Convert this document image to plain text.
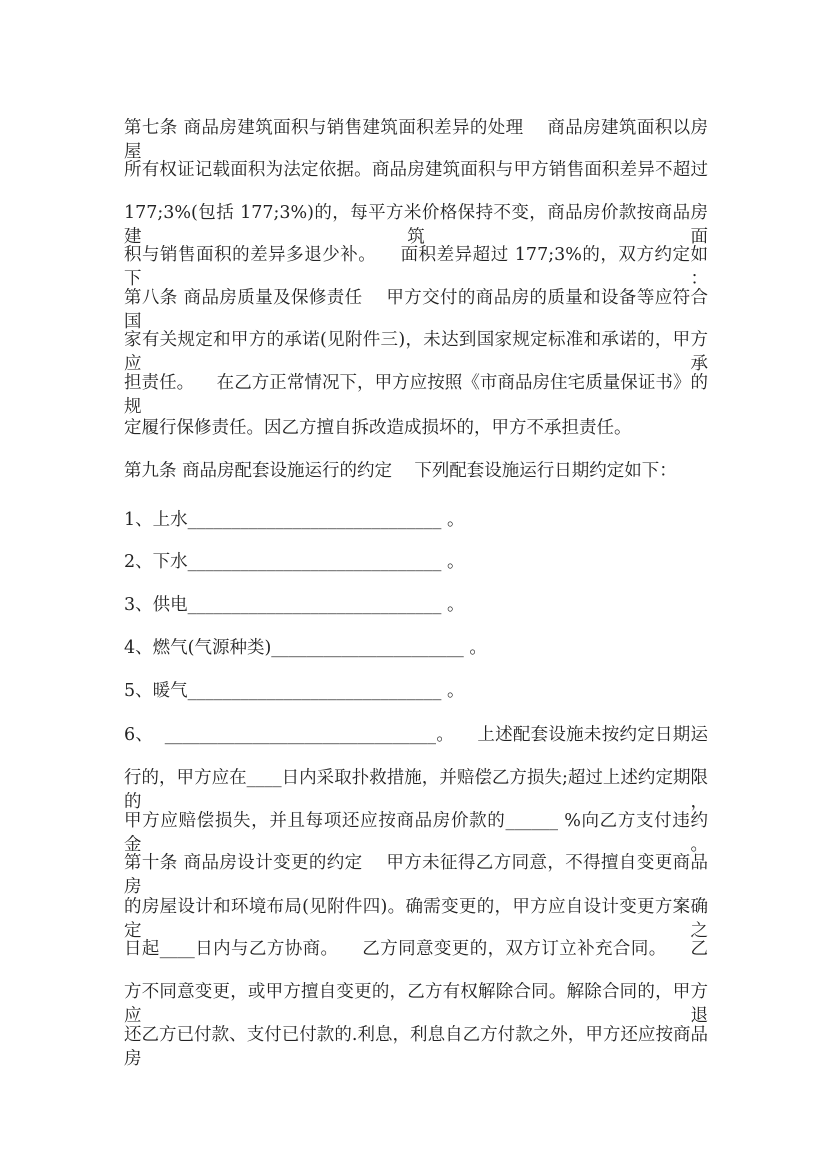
第七条 商品房建筑面积与销售建筑面积差异的处理    商品房建筑面积以房屋
所有权证记载面积为法定依据。商品房建筑面积与甲方销售面积差异不超过
177;3%(包括 177;3%)的，每平方米价格保持不变，商品房价款按商品房建筑面
积与销售面积的差异多退少补。    面积差异超过 177;3%的，双方约定如下：
第八条 商品房质量及保修责任    甲方交付的商品房的质量和设备等应符合国
家有关规定和甲方的承诺(见附件三)，未达到国家规定标准和承诺的，甲方应承
担责任。    在乙方正常情况下，甲方应按照《市商品房住宅质量保证书》的规
定履行保修责任。因乙方擅自拆改造成损坏的，甲方不承担责任。
第九条 商品房配套设施运行的约定    下列配套设施运行日期约定如下：
1、上水_____________________________ 。
2、下水_____________________________ 。
3、供电_____________________________ 。
4、燃气(气源种类)______________________ 。
5、暖气_____________________________ 。
6、  _______________________________。    上述配套设施未按约定日期运
行的，甲方应在____日内采取扑救措施，并赔偿乙方损失;超过上述约定期限的，
甲方应赔偿损失，并且每项还应按商品房价款的______ %向乙方支付违约金。
第十条 商品房设计变更的约定    甲方未征得乙方同意，不得擅自变更商品房
的房屋设计和环境布局(见附件四)。确需变更的，甲方应自设计变更方案确定之
日起____日内与乙方协商。    乙方同意变更的，双方订立补充合同。    乙
方不同意变更，或甲方擅自变更的，乙方有权解除合同。解除合同的，甲方应退
还乙方已付款、支付已付款的.利息，利息自乙方付款之外，甲方还应按商品房
